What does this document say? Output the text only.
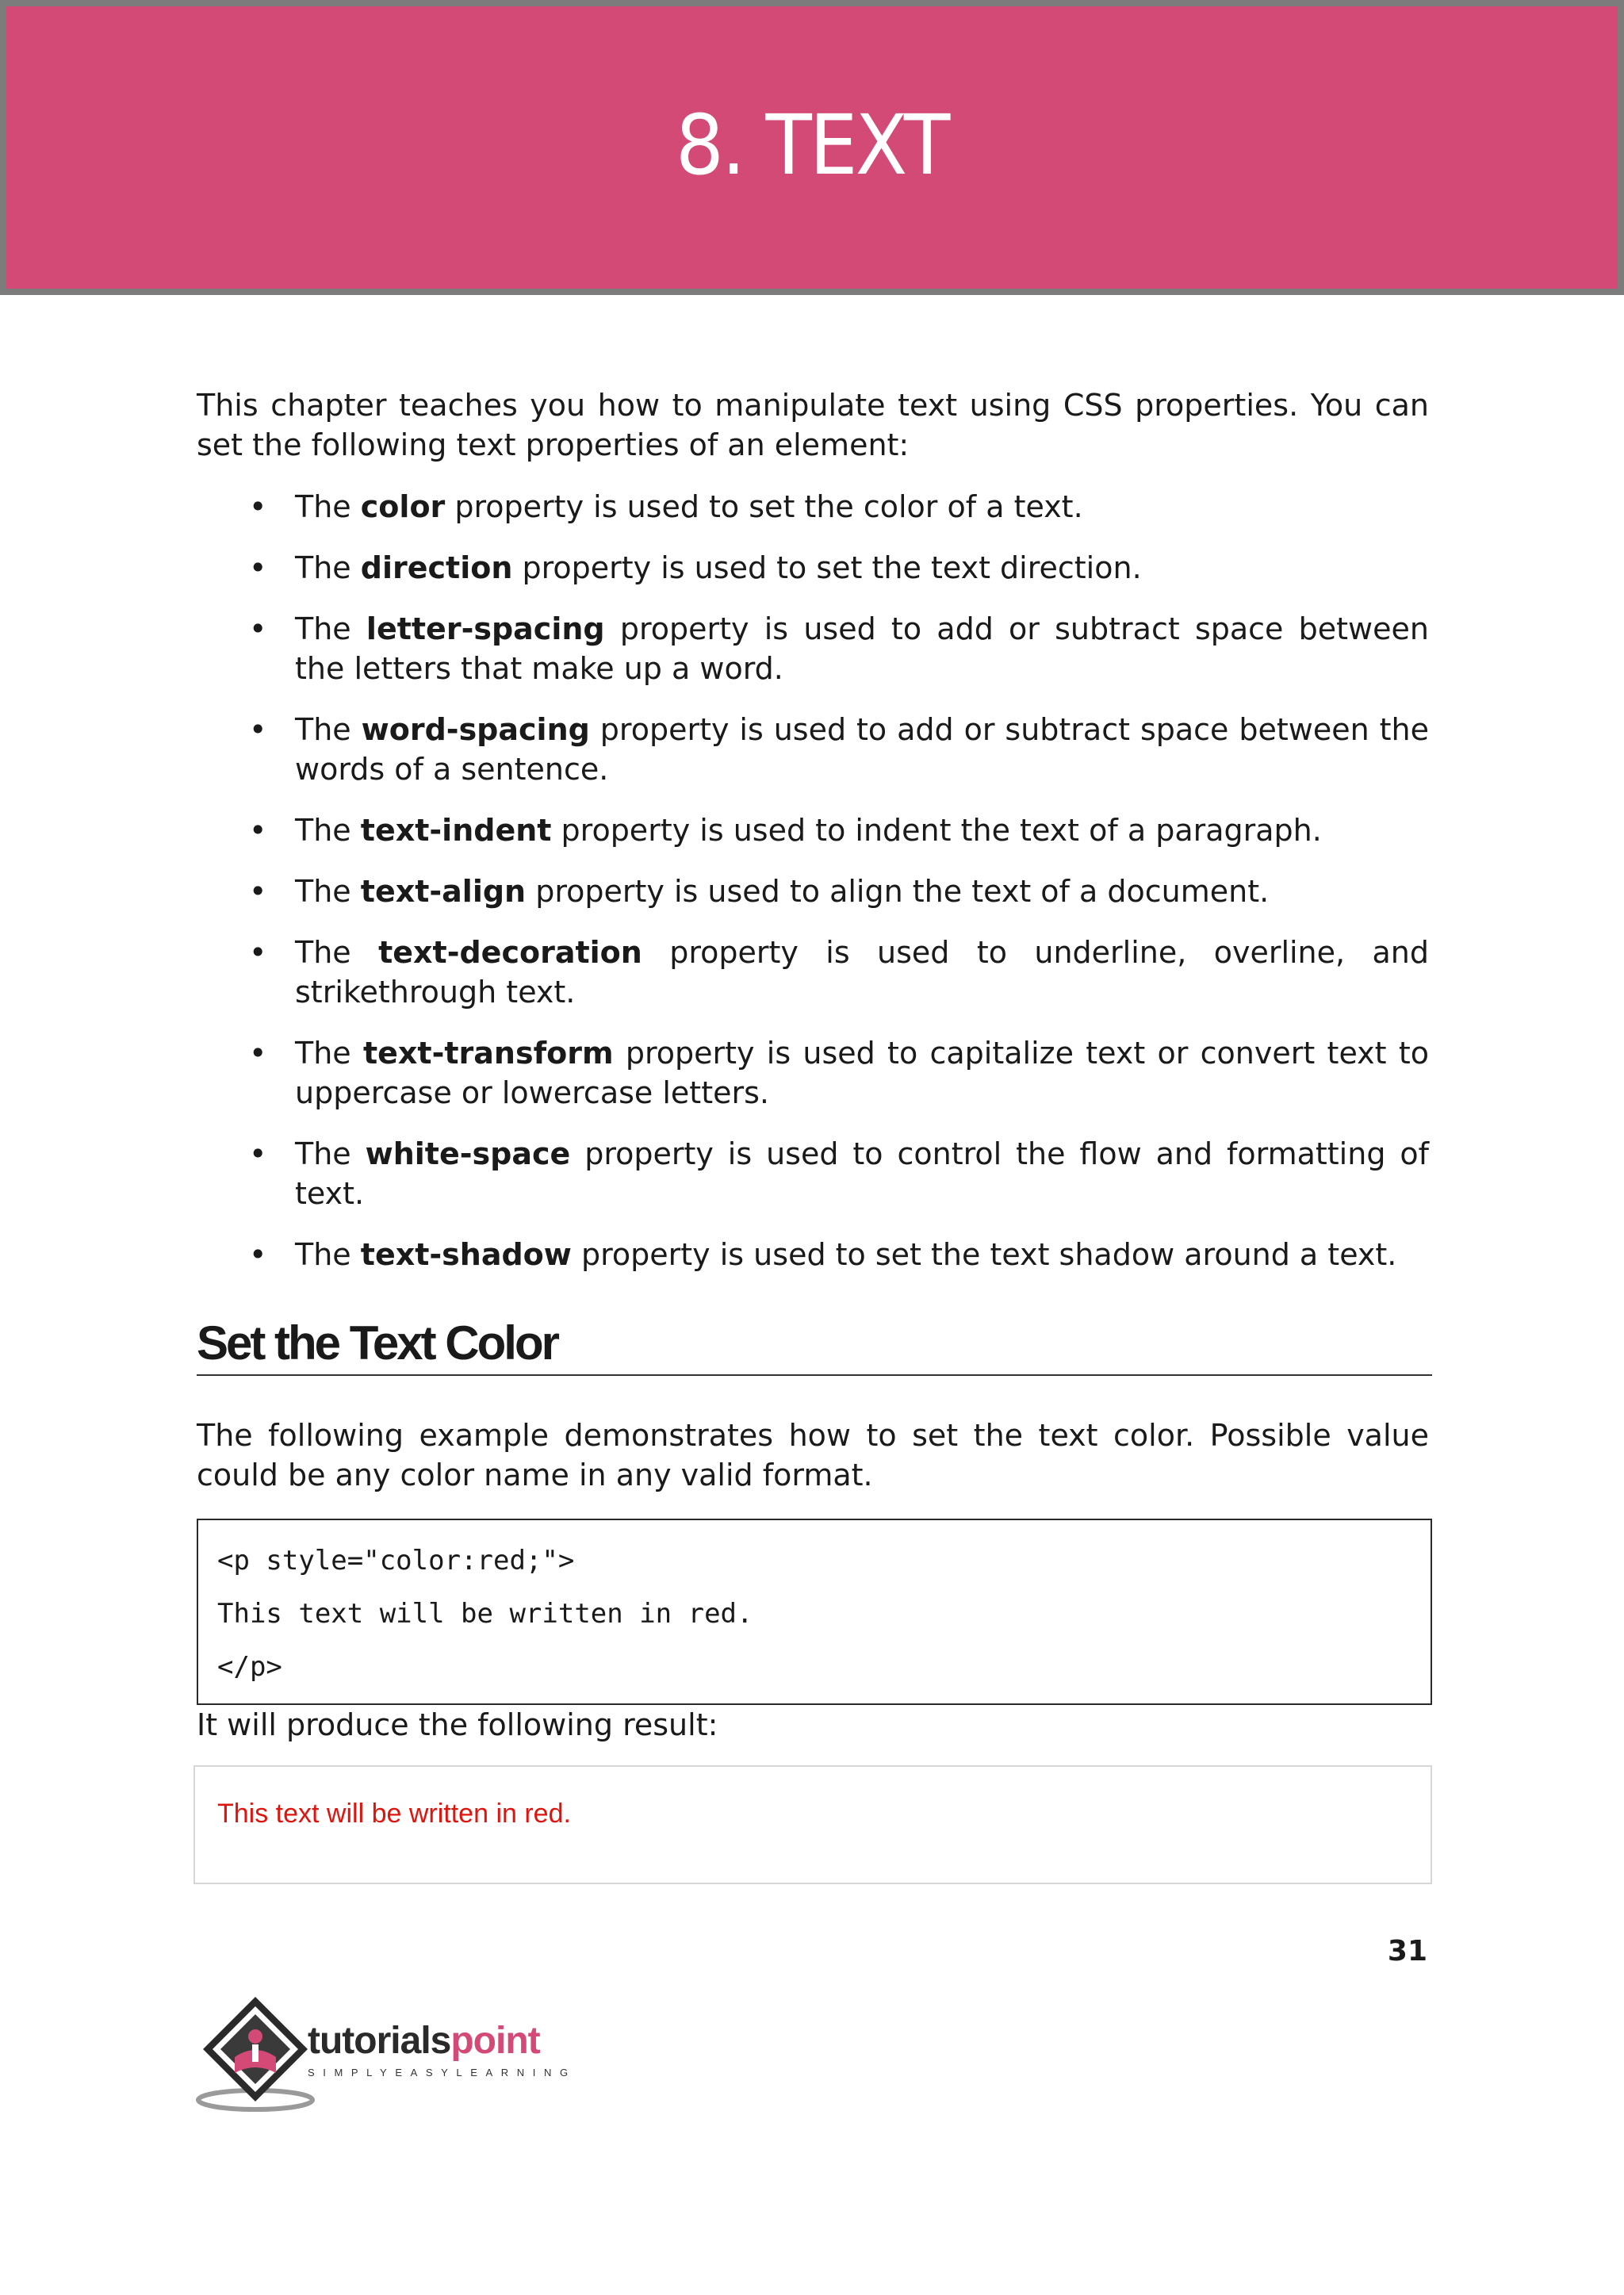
8. TEXT

This chapter teaches you how to manipulate text using CSS properties. You can set the following text properties of an element:

• The color property is used to set the color of a text.
• The direction property is used to set the text direction.
• The letter-spacing property is used to add or subtract space between the letters that make up a word.
• The word-spacing property is used to add or subtract space between the words of a sentence.
• The text-indent property is used to indent the text of a paragraph.
• The text-align property is used to align the text of a document.
• The text-decoration property is used to underline, overline, and strikethrough text.
• The text-transform property is used to capitalize text or convert text to uppercase or lowercase letters.
• The white-space property is used to control the flow and formatting of text.
• The text-shadow property is used to set the text shadow around a text.
Set the Text Color

The following example demonstrates how to set the text color. Possible value could be any color name in any valid format.

<p style="color:red;">
This text will be written in red.
</p>

It will produce the following result:

This text will be written in red.
31
tutorialspoint
SIMPLYEASYLEARNING
